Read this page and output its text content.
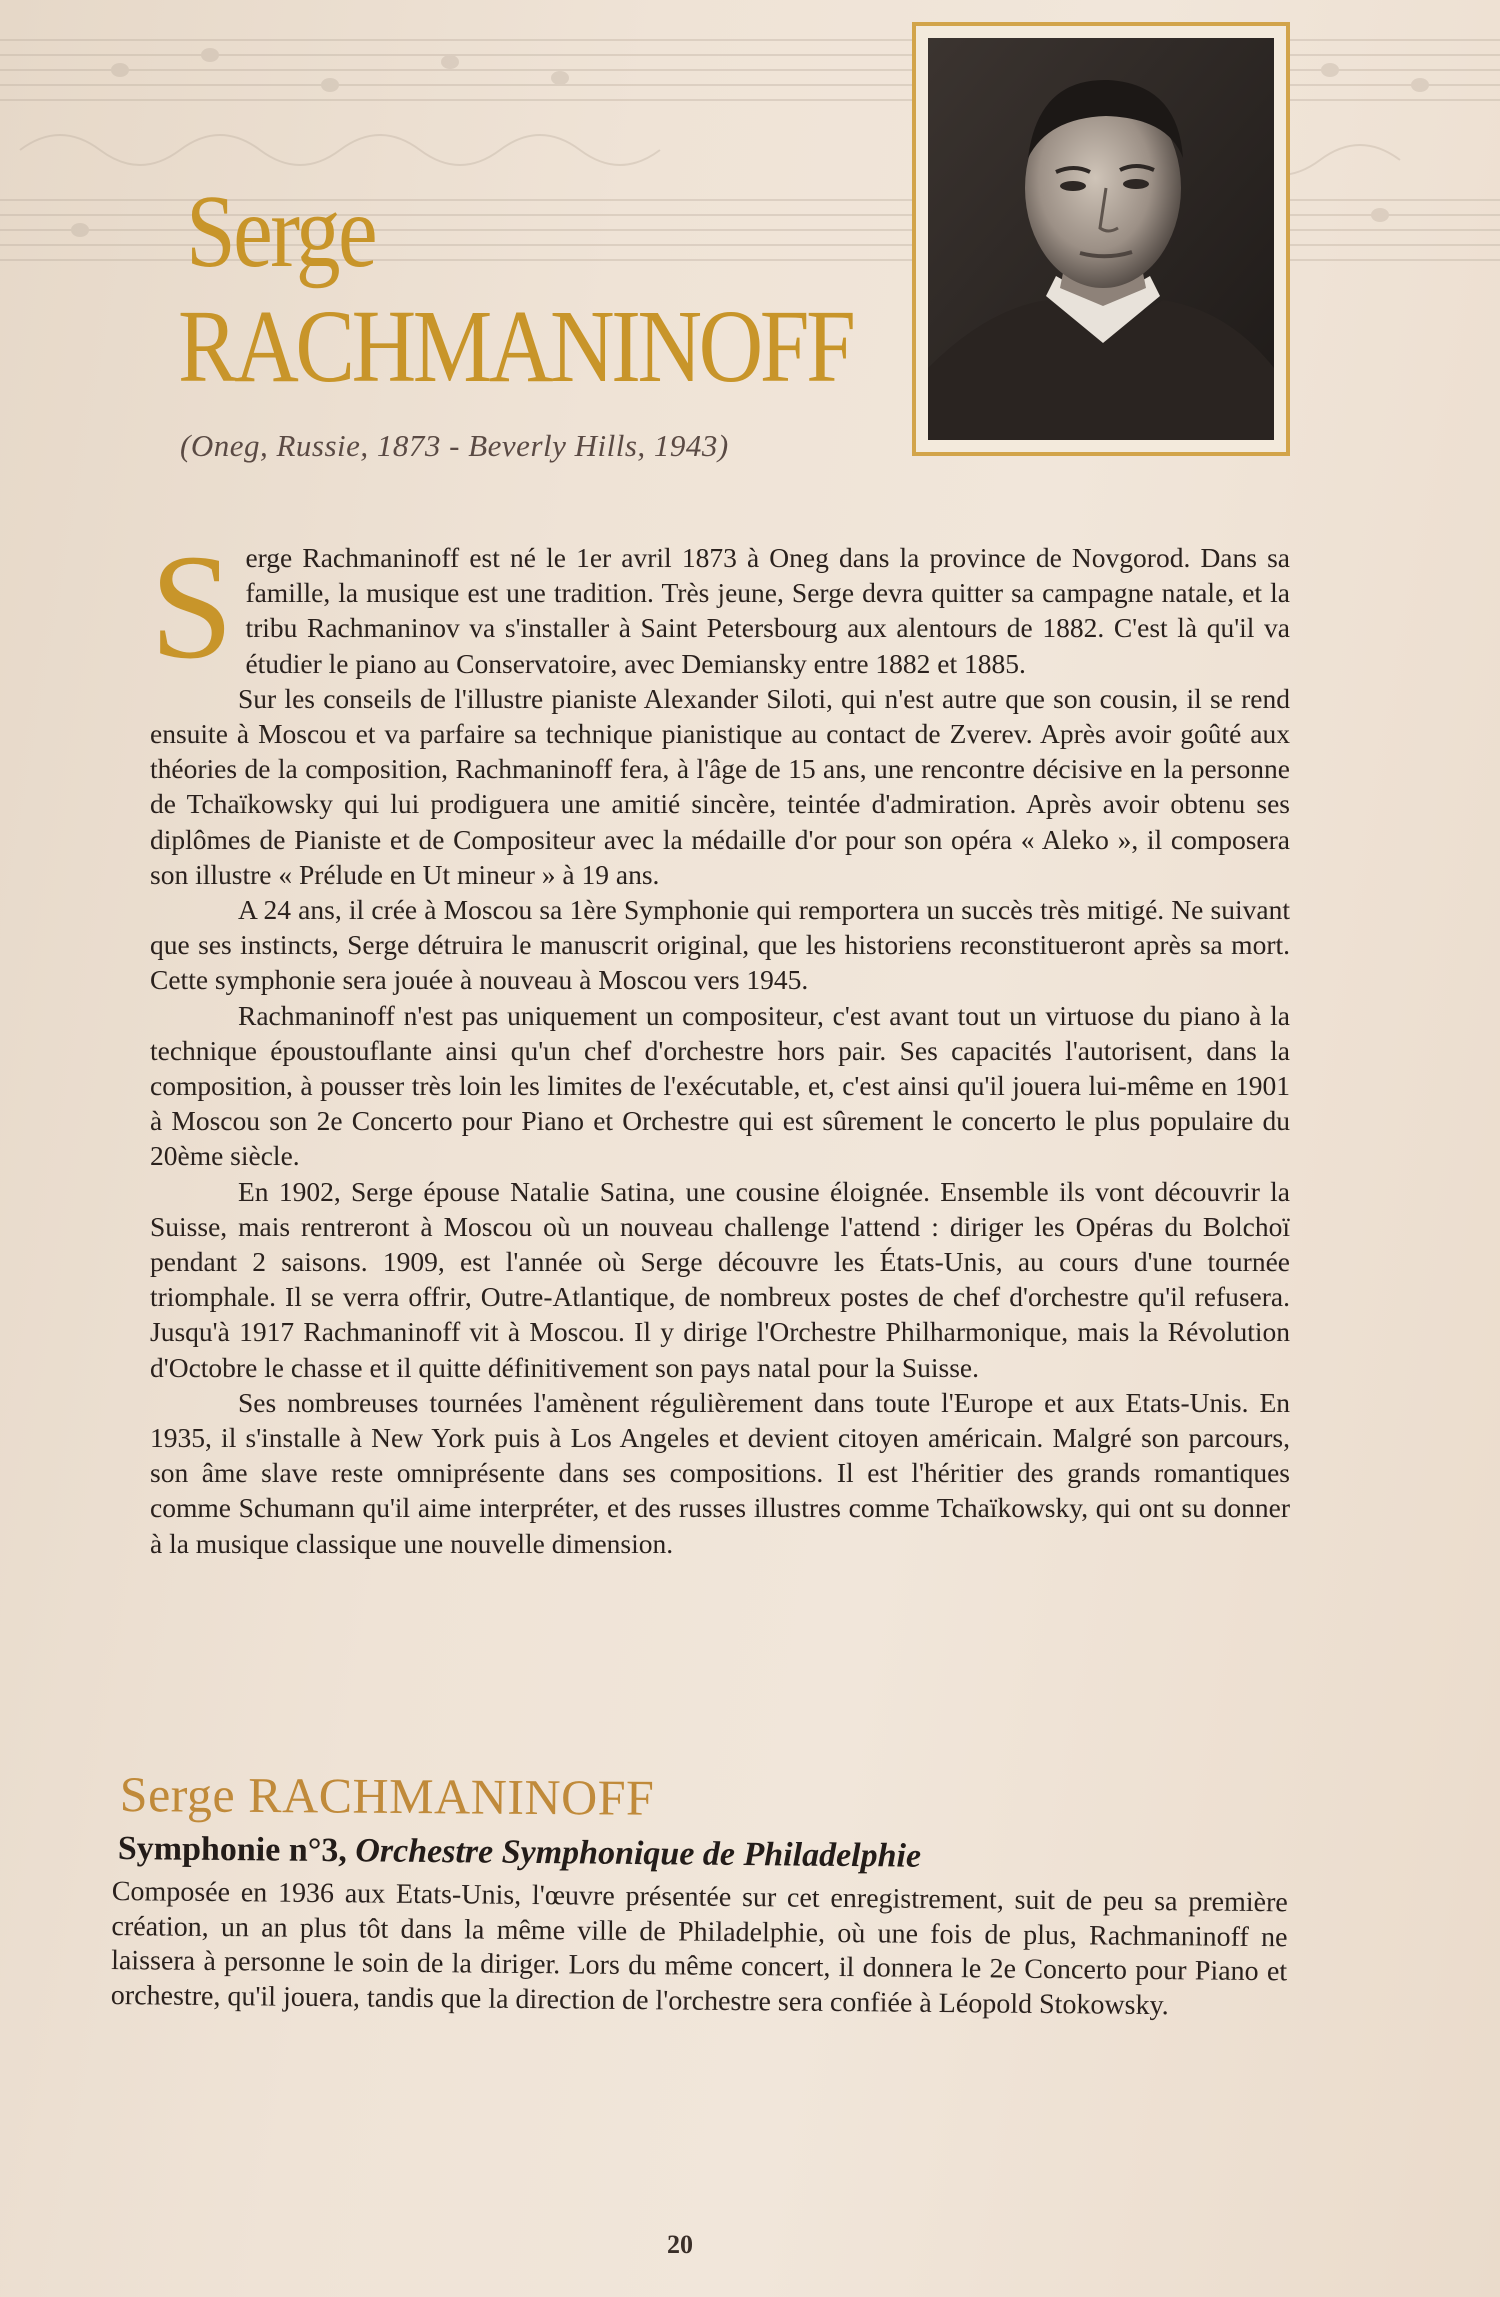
Serge
RACHMANINOFF
(Oneg, Russie, 1873 - Beverly Hills, 1943)
S erge Rachmaninoff est né le 1er avril 1873 à Oneg dans la province de Novgorod. Dans sa famille, la musique est une tradition. Très jeune, Serge devra quitter sa campagne natale, et la tribu Rachmaninov va s'installer à Saint Petersbourg aux alentours de 1882. C'est là qu'il va étudier le piano au Conservatoire, avec Demiansky entre 1882 et 1885.

Sur les conseils de l'illustre pianiste Alexander Siloti, qui n'est autre que son cousin, il se rend ensuite à Moscou et va parfaire sa technique pianistique au contact de Zverev. Après avoir goûté aux théories de la composition, Rachmaninoff fera, à l'âge de 15 ans, une rencontre décisive en la personne de Tchaïkowsky qui lui prodiguera une amitié sincère, teintée d'admiration. Après avoir obtenu ses diplômes de Pianiste et de Compositeur avec la médaille d'or pour son opéra « Aleko », il composera son illustre « Prélude en Ut mineur » à 19 ans.

A 24 ans, il crée à Moscou sa 1ère Symphonie qui remportera un succès très mitigé. Ne suivant que ses instincts, Serge détruira le manuscrit original, que les historiens reconstitueront après sa mort. Cette symphonie sera jouée à nouveau à Moscou vers 1945.

Rachmaninoff n'est pas uniquement un compositeur, c'est avant tout un virtuose du piano à la technique époustouflante ainsi qu'un chef d'orchestre hors pair. Ses capacités l'autorisent, dans la composition, à pousser très loin les limites de l'exécutable, et, c'est ainsi qu'il jouera lui-même en 1901 à Moscou son 2e Concerto pour Piano et Orchestre qui est sûrement le concerto le plus populaire du 20ème siècle.

En 1902, Serge épouse Natalie Satina, une cousine éloignée. Ensemble ils vont découvrir la Suisse, mais rentreront à Moscou où un nouveau challenge l'attend : diriger les Opéras du Bolchoï pendant 2 saisons. 1909, est l'année où Serge découvre les États-Unis, au cours d'une tournée triomphale. Il se verra offrir, Outre-Atlantique, de nombreux postes de chef d'orchestre qu'il refusera. Jusqu'à 1917 Rachmaninoff vit à Moscou. Il y dirige l'Orchestre Philharmonique, mais la Révolution d'Octobre le chasse et il quitte définitivement son pays natal pour la Suisse.

Ses nombreuses tournées l'amènent régulièrement dans toute l'Europe et aux Etats-Unis. En 1935, il s'installe à New York puis à Los Angeles et devient citoyen américain. Malgré son parcours, son âme slave reste omniprésente dans ses compositions. Il est l'héritier des grands romantiques comme Schumann qu'il aime interpréter, et des russes illustres comme Tchaïkowsky, qui ont su donner à la musique classique une nouvelle dimension.

Serge RACHMANINOFF
Symphonie n°3, Orchestre Symphonique de Philadelphie
Composée en 1936 aux Etats-Unis, l'œuvre présentée sur cet enregistrement, suit de peu sa première création, un an plus tôt dans la même ville de Philadelphie, où une fois de plus, Rachmaninoff ne laissera à personne le soin de la diriger. Lors du même concert, il donnera le 2e Concerto pour Piano et orchestre, qu'il jouera, tandis que la direction de l'orchestre sera confiée à Léopold Stokowsky.
20
